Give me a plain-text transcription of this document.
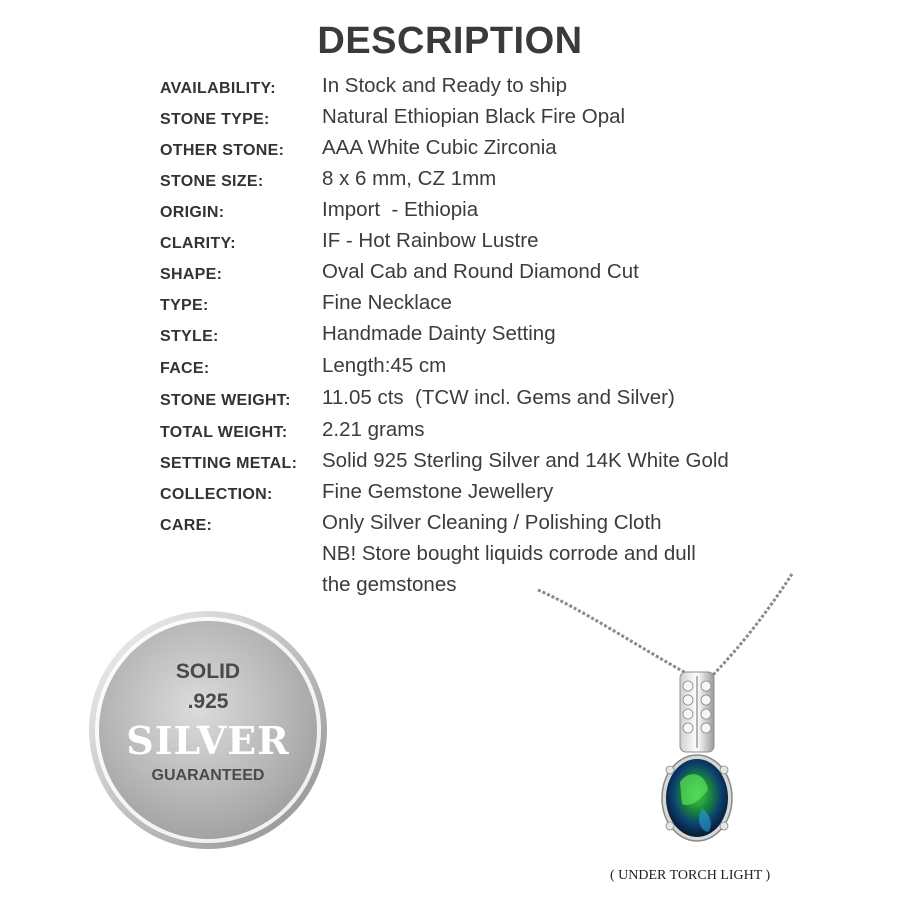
DESCRIPTION
AVAILABILITY: In Stock and Ready to ship
STONE TYPE:	Natural Ethiopian Black Fire Opal
OTHER STONE: AAA White Cubic Zirconia
STONE SIZE:	8 x 6 mm, CZ 1mm
ORIGIN:	Import  - Ethiopia
CLARITY:	IF - Hot Rainbow Lustre
SHAPE:	Oval Cab and Round Diamond Cut
TYPE:	Fine Necklace
STYLE:	Handmade Dainty Setting
FACE:	Length:45 cm
STONE WEIGHT: 11.05 cts  (TCW incl. Gems and Silver)
TOTAL WEIGHT: 2.21 grams
SETTING METAL: Solid 925 Sterling Silver and 14K White Gold
COLLECTION: Fine Gemstone Jewellery
CARE:	Only Silver Cleaning / Polishing Cloth
NB! Store bought liquids corrode and dull
the gemstones
SOLID
.925
SILVER
GUARANTEED
( UNDER TORCH LIGHT )
